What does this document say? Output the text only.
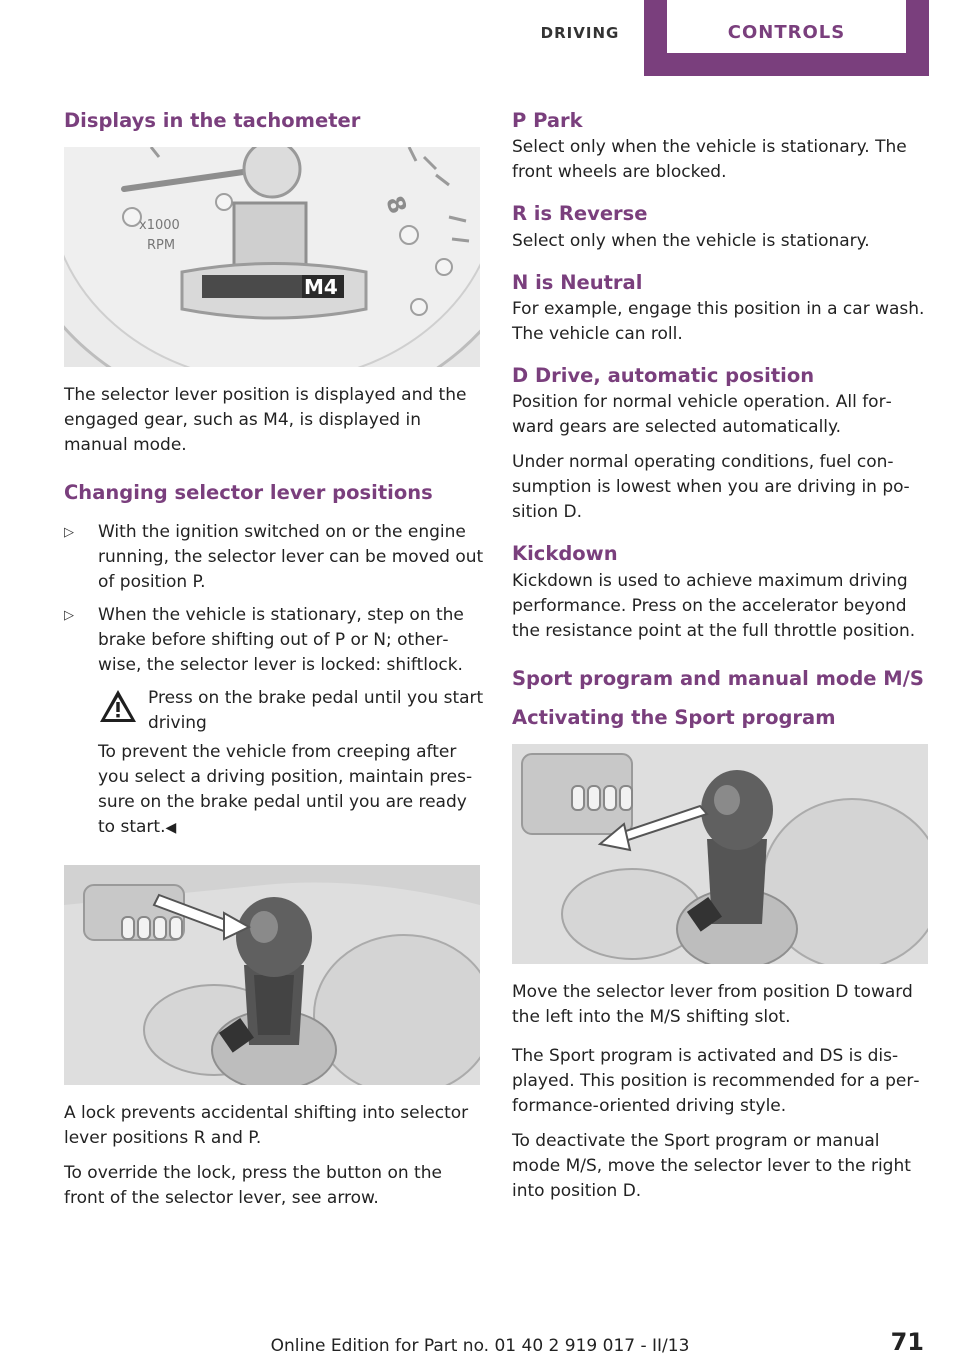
DRIVING	CONTROLS
Displays in the tachometer
x1000
RPM
8
M4

The selector lever position is displayed and the engaged gear, such as M4, is displayed in manual mode.

Changing selector lever positions
▷ With the ignition switched on or the engine running, the selector lever can be moved out of position P.
▷ When the vehicle is stationary, step on the brake before shifting out of P or N; other‐wise, the selector lever is locked: shiftlock.
Press on the brake pedal until you start driving

To prevent the vehicle from creeping after you select a driving position, maintain pres‐sure on the brake pedal until you are ready to start.◀

A lock prevents accidental shifting into selector lever positions R and P.

To override the lock, press the button on the front of the selector lever, see arrow.

P Park

Select only when the vehicle is stationary. The front wheels are blocked.

R is Reverse

Select only when the vehicle is stationary.

N is Neutral

For example, engage this position in a car wash. The vehicle can roll.

D Drive, automatic position

Position for normal vehicle operation. All for‐ward gears are selected automatically.

Under normal operating conditions, fuel con‐sumption is lowest when you are driving in po‐sition D.

Kickdown

Kickdown is used to achieve maximum driving performance. Press on the accelerator beyond the resistance point at the full throttle position.

Sport program and manual mode M/S
Activating the Sport program

Move the selector lever from position D toward the left into the M/S shifting slot.

The Sport program is activated and DS is dis‐played. This position is recommended for a per‐formance-oriented driving style.

To deactivate the Sport program or manual mode M/S, move the selector lever to the right into position D.

Online Edition for Part no. 01 40 2 919 017 - II/13	71
